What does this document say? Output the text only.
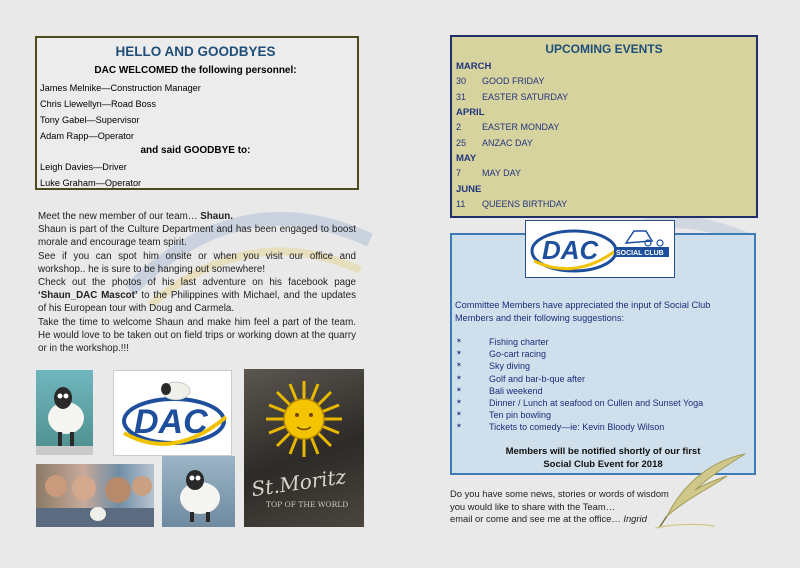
HELLO AND GOODBYES
DAC WELCOMED the following personnel:
James Melnike—Construction Manager
Chris Llewellyn—Road Boss
Tony Gabel—Supervisor
Adam Rapp—Operator
and said GOODBYE to:
Leigh Davies—Driver
Luke Graham—Operator
UPCOMING EVENTS
MARCH
30	GOOD FRIDAY
31	EASTER SATURDAY
APRIL
2	EASTER MONDAY
25	ANZAC DAY
MAY
7	MAY DAY
JUNE
11	QUEENS BIRTHDAY
DAC	SOCIAL CLUB
Committee Members have appreciated the input of Social Club Members and their following suggestions:
✶	Fishing charter
✶	Go-cart racing
✶	Sky diving
✶	Golf and bar-b-que after
✶	Bali weekend
✶	Dinner / Lunch at seafood on Cullen and Sunset Yoga
✶	Ten pin bowling
✶	Tickets to comedy—ie: Kevin Bloody Wilson
Members will be notified shortly of our first
Social Club Event for 2018

Meet the new member of our team… Shaun.

Shaun is part of the Culture Department and has been engaged to boost morale and encourage team spirit.

See if you can spot him onsite or when you visit our office and workshop.. he is sure to be hanging out somewhere!

Check out the photos of his last adventure on his facebook page ‘Shaun_DAC Mascot’ to the Philippines with Michael, and the updates of his European tour with Doug and Carmela.

Take the time to welcome Shaun and make him feel a part of the team. He would love to be taken out on field trips or working down at the quarry or in the workshop.!!!

DAC
St.Moritz
TOP OF THE WORLD
Do you have some news, stories or words of wisdom
you would like to share with the Team…
email or come and see me at the office… Ingrid
